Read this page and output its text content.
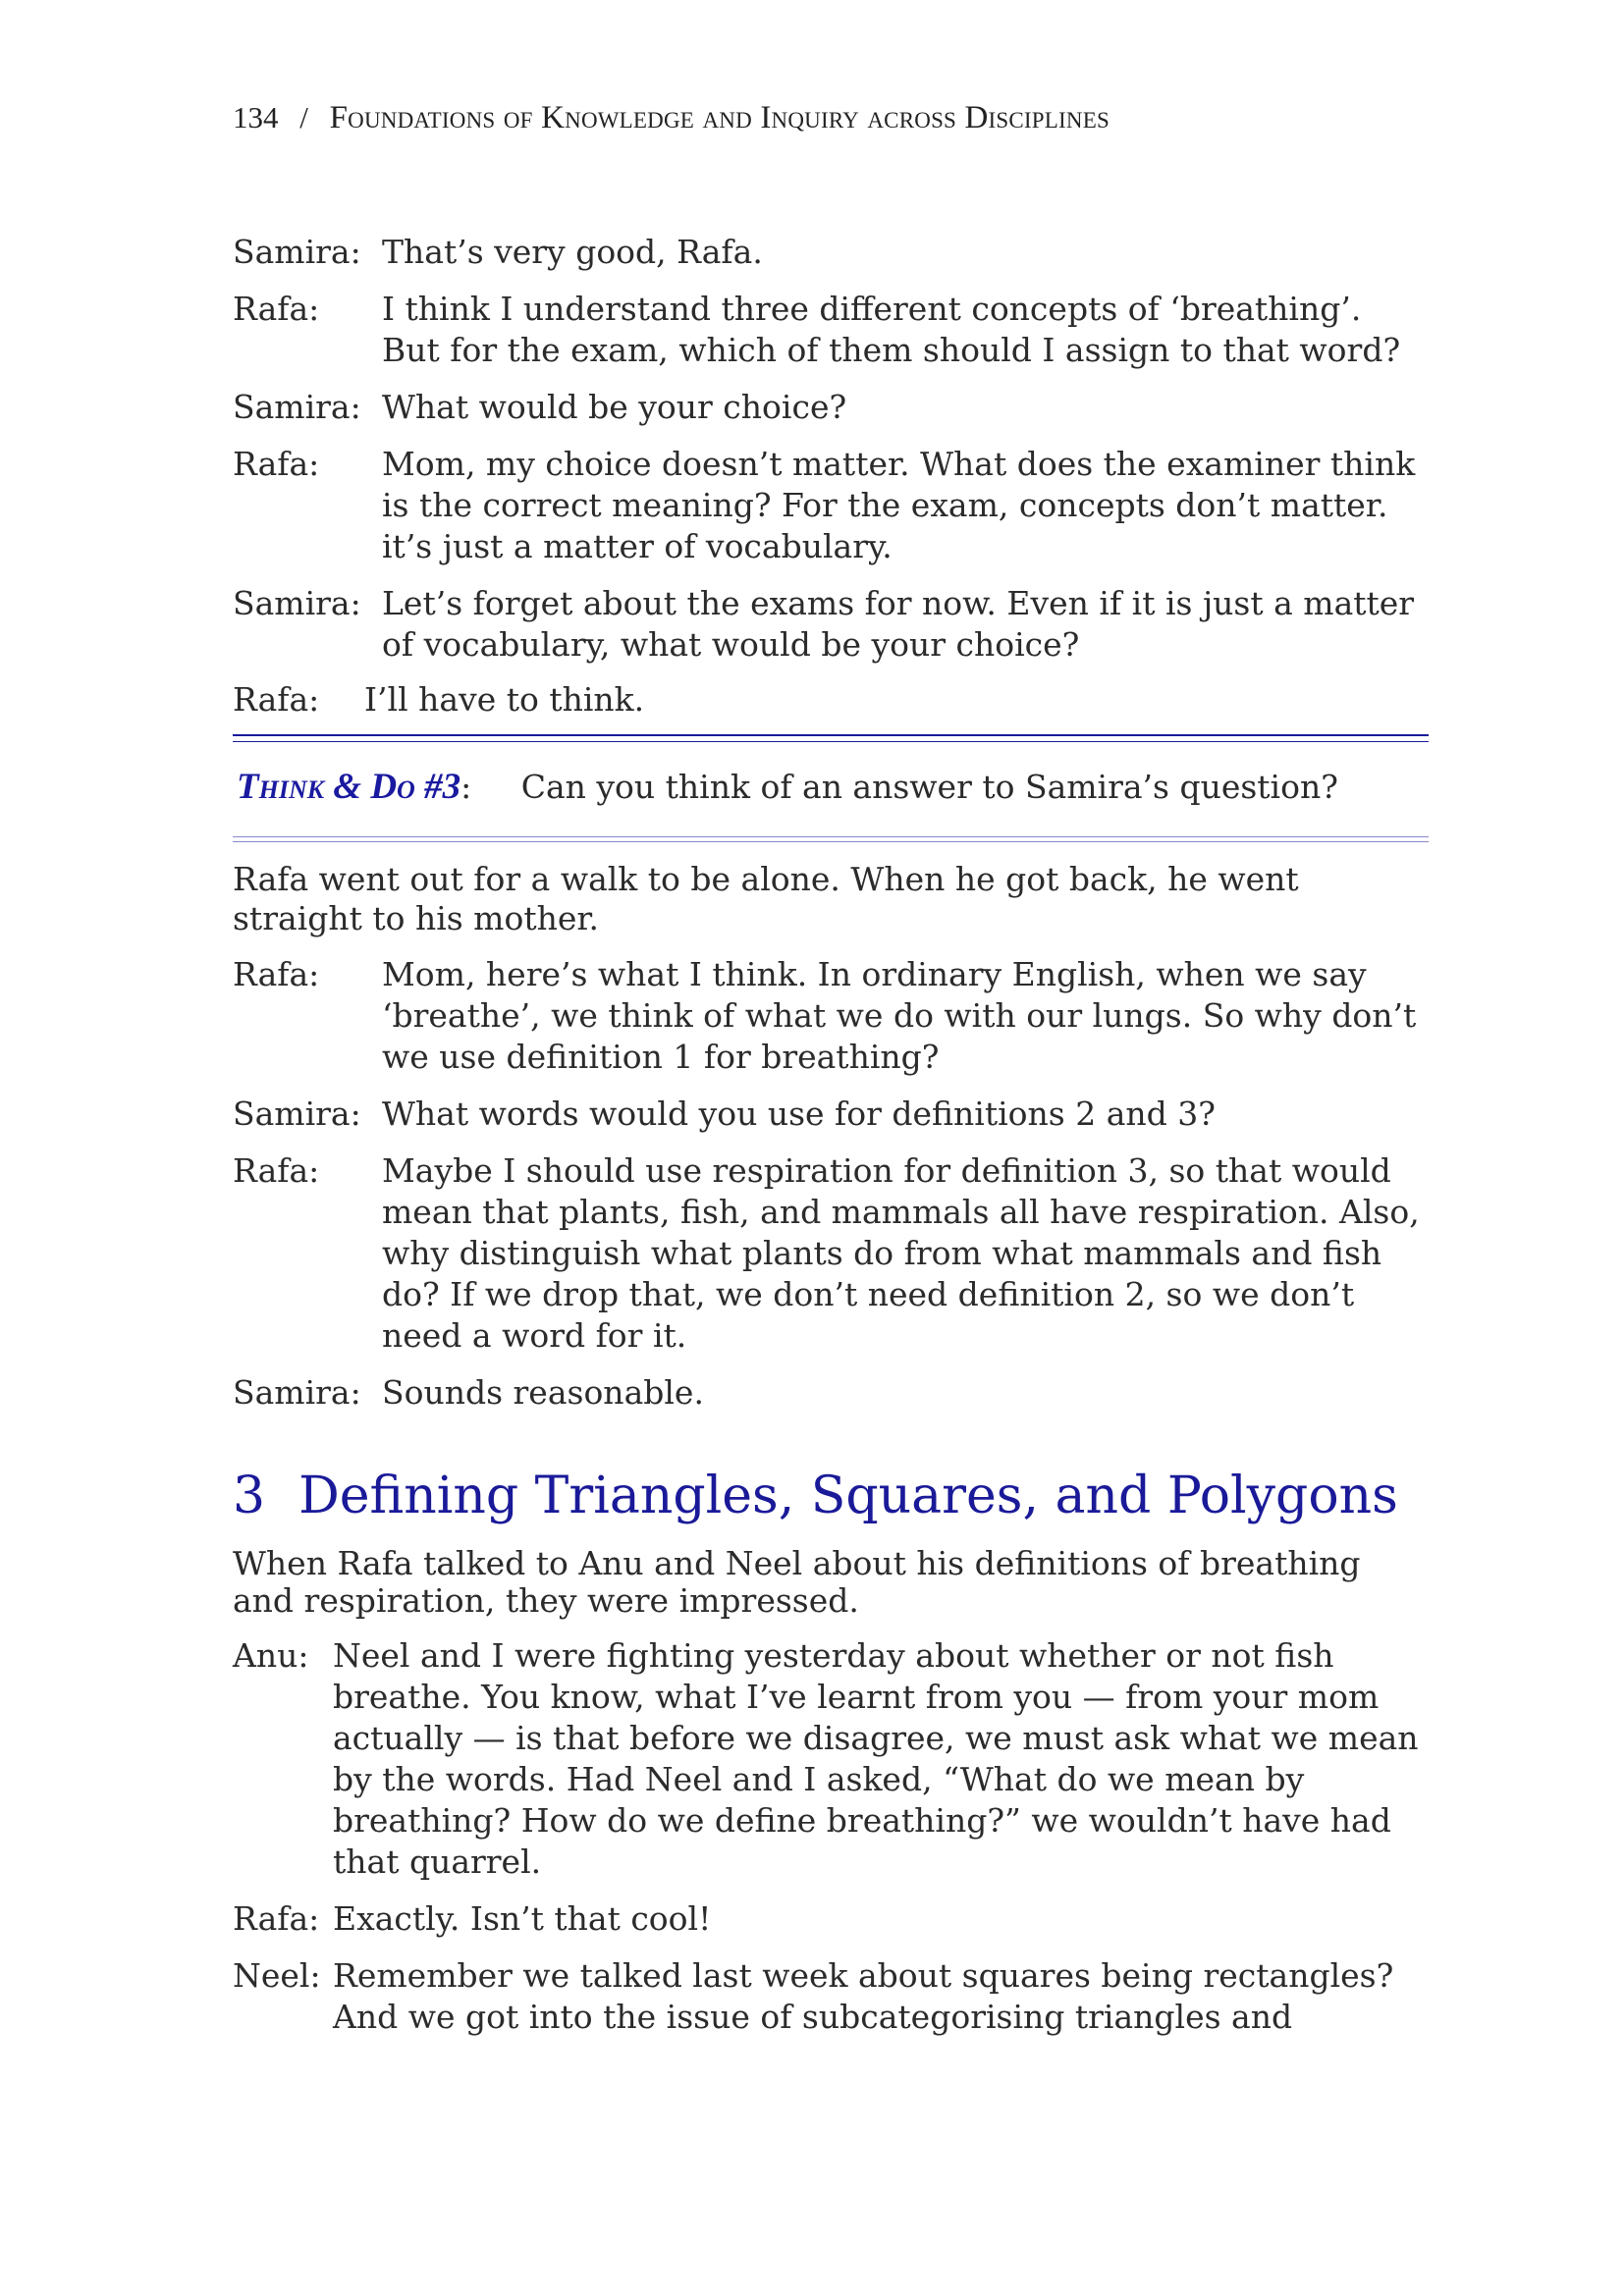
134 / Foundations of Knowledge and Inquiry across Disciplines
Samira: That’s very good, Rafa.
Rafa:	I think I understand three different concepts of ‘breathing’. But for the exam, which of them should I assign to that word?
Samira: What would be your choice?
Rafa:	Mom, my choice doesn’t matter. What does the examiner think is the correct meaning? For the exam, concepts don’t matter. it’s just a matter of vocabulary.
Samira: Let’s forget about the exams for now. Even if it is just a matter of vocabulary, what would be your choice?
Rafa:	I’ll have to think.
Think & Do #3: Can you think of an answer to Samira’s question?

Rafa went out for a walk to be alone. When he got back, he went straight to his mother.

Rafa:	Mom, here’s what I think. In ordinary English, when we say ‘breathe’, we think of what we do with our lungs. So why don’t we use definition 1 for breathing?
Samira: What words would you use for definitions 2 and 3?
Rafa:	Maybe I should use respiration for definition 3, so that would mean that plants, fish, and mammals all have respiration. Also, why distinguish what plants do from what mammals and fish do? If we drop that, we don’t need definition 2, so we don’t need a word for it.
Samira: Sounds reasonable.
3 Defining Triangles, Squares, and Polygons

When Rafa talked to Anu and Neel about his definitions of breathing and respiration, they were impressed.

Anu: Neel and I were fighting yesterday about whether or not fish breathe. You know, what I’ve learnt from you — from your mom actually — is that before we disagree, we must ask what we mean by the words. Had Neel and I asked, “What do we mean by breathing? How do we define breathing?” we wouldn’t have had that quarrel.
Rafa: Exactly. Isn’t that cool!
Neel: Remember we talked last week about squares being rectangles? And we got into the issue of subcategorising triangles and
